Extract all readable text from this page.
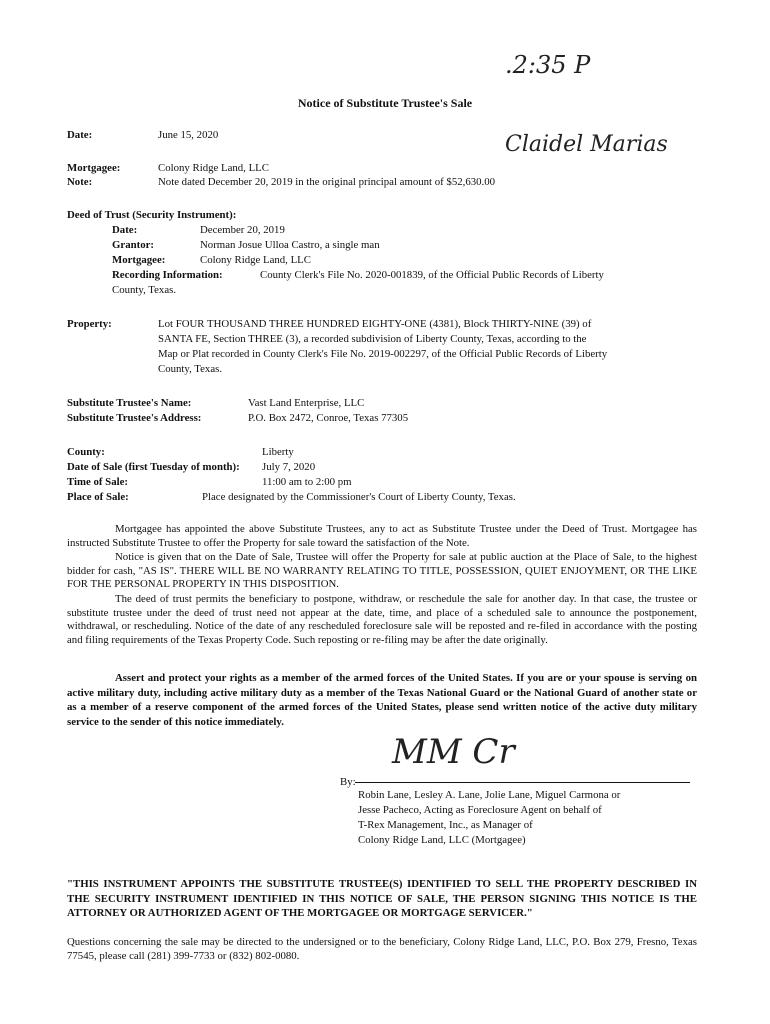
.2:35 P
Claidel Marias
Notice of Substitute Trustee's Sale
Date:	June 15, 2020
Mortgagee:	Colony Ridge Land, LLC
Note:	Note dated December 20, 2019 in the original principal amount of $52,630.00
Deed of Trust (Security Instrument):
Date:	December 20, 2019
Grantor:	Norman Josue Ulloa Castro, a single man
Mortgagee:	Colony Ridge Land, LLC
Recording Information:	County Clerk's File No. 2020-001839, of the Official Public Records of Liberty
County, Texas.
Property:	Lot FOUR THOUSAND THREE HUNDRED EIGHTY-ONE (4381), Block THIRTY-NINE (39) of
SANTA FE, Section THREE (3), a recorded subdivision of Liberty County, Texas, according to the
Map or Plat recorded in County Clerk's File No. 2019-002297, of the Official Public Records of Liberty
County, Texas.
Substitute Trustee's Name:	Vast Land Enterprise, LLC
Substitute Trustee's Address:	P.O. Box 2472, Conroe, Texas 77305
County:	Liberty
Date of Sale (first Tuesday of month): July 7, 2020
Time of Sale:	11:00 am to 2:00 pm
Place of Sale:	Place designated by the Commissioner's Court of Liberty County, Texas.
Mortgagee has appointed the above Substitute Trustees, any to act as Substitute Trustee under the Deed of Trust. Mortgagee has instructed Substitute Trustee to offer the Property for sale toward the satisfaction of the Note.
Notice is given that on the Date of Sale, Trustee will offer the Property for sale at public auction at the Place of Sale, to the highest bidder for cash, "AS IS". THERE WILL BE NO WARRANTY RELATING TO TITLE, POSSESSION, QUIET ENJOYMENT, OR THE LIKE FOR THE PERSONAL PROPERTY IN THIS DISPOSITION.
The deed of trust permits the beneficiary to postpone, withdraw, or reschedule the sale for another day. In that case, the trustee or substitute trustee under the deed of trust need not appear at the date, time, and place of a scheduled sale to announce the postponement, withdrawal, or rescheduling. Notice of the date of any rescheduled foreclosure sale will be reposted and re-filed in accordance with the posting and filing requirements of the Texas Property Code. Such reposting or re-filing may be after the date originally.
Assert and protect your rights as a member of the armed forces of the United States. If you are or your spouse is serving on active military duty, including active military duty as a member of the Texas National Guard or the National Guard of another state or as a member of a reserve component of the armed forces of the United States, please send written notice of the active duty military service to the sender of this notice immediately.
By:
MM Cr
Robin Lane, Lesley A. Lane, Jolie Lane, Miguel Carmona or
Jesse Pacheco, Acting as Foreclosure Agent on behalf of
T-Rex Management, Inc., as Manager of
Colony Ridge Land, LLC (Mortgagee)
"THIS INSTRUMENT APPOINTS THE SUBSTITUTE TRUSTEE(S) IDENTIFIED TO SELL THE PROPERTY DESCRIBED IN THE SECURITY INSTRUMENT IDENTIFIED IN THIS NOTICE OF SALE, THE PERSON SIGNING THIS NOTICE IS THE ATTORNEY OR AUTHORIZED AGENT OF THE MORTGAGEE OR MORTGAGE SERVICER."
Questions concerning the sale may be directed to the undersigned or to the beneficiary, Colony Ridge Land, LLC, P.O. Box 279, Fresno, Texas 77545, please call (281) 399-7733 or (832) 802-0080.
